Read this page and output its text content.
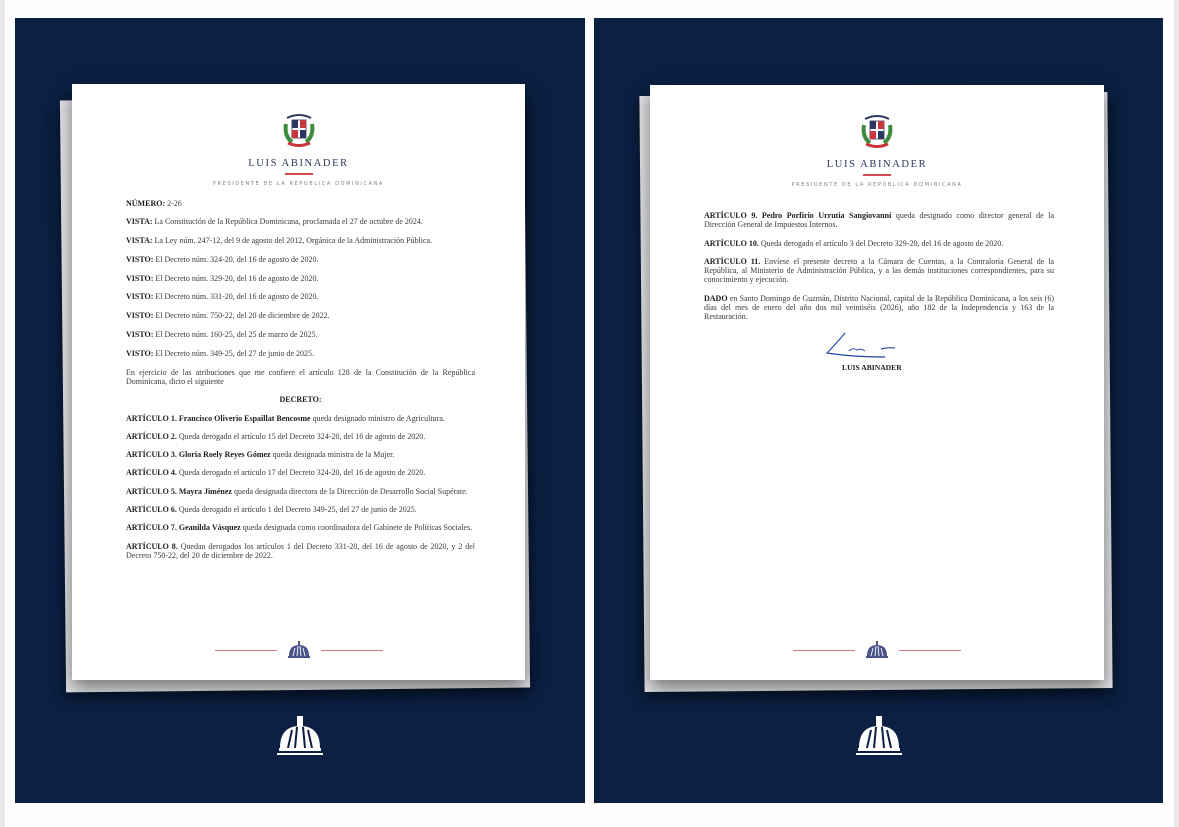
LUIS ABINADER
PRESIDENTE DE LA REPÚBLICA DOMINICANA

NÚMERO: 2-26

VISTA: La Constitución de la República Dominicana, proclamada el 27 de octubre de 2024.

VISTA: La Ley núm. 247-12, del 9 de agosto del 2012, Orgánica de la Administración Pública.

VISTO: El Decreto núm. 324-20, del 16 de agosto de 2020.

VISTO: El Decreto núm. 329-20, del 16 de agosto de 2020.

VISTO: El Decreto núm. 331-20, del 16 de agosto de 2020.

VISTO: El Decreto núm. 750-22, del 20 de diciembre de 2022.

VISTO: El Decreto núm. 160-25, del 25 de marzo de 2025.

VISTO: El Decreto núm. 349-25, del 27 de junio de 2025.

En ejercicio de las atribuciones que me confiere el artículo 128 de la Constitución de la República Dominicana, dicto el siguiente

DECRETO:

ARTÍCULO 1. Francisco Oliverio Espaillat Bencosme queda designado ministro de Agricultura.

ARTÍCULO 2. Queda derogado el artículo 15 del Decreto 324-20, del 16 de agosto de 2020.

ARTÍCULO 3. Gloria Roely Reyes Gómez queda designada ministra de la Mujer.

ARTÍCULO 4. Queda derogado el artículo 17 del Decreto 324-20, del 16 de agosto de 2020.

ARTÍCULO 5. Mayra Jiménez queda designada directora de la Dirección de Desarrollo Social Supérate.

ARTÍCULO 6. Queda derogado el artículo 1 del Decreto 349-25, del 27 de junio de 2025.

ARTÍCULO 7. Geanilda Vásquez queda designada como coordinadora del Gabinete de Políticas Sociales.

ARTÍCULO 8. Quedan derogados los artículos 1 del Decreto 331-20, del 16 de agosto de 2020, y 2 del Decreto 750-22, del 20 de diciembre de 2022.

LUIS ABINADER
PRESIDENTE DE LA REPÚBLICA DOMINICANA

ARTÍCULO 9. Pedro Porfirio Urrutia Sangiovanni queda designado como director general de la Dirección General de Impuestos Internos.

ARTÍCULO 10. Queda derogado el artículo 3 del Decreto 329-20, del 16 de agosto de 2020.

ARTÍCULO 11. Envíese el presente decreto a la Cámara de Cuentas, a la Contraloría General de la República, al Ministerio de Administración Pública, y a las demás instituciones correspondientes, para su conocimiento y ejecución.

DADO en Santo Domingo de Guzmán, Distrito Nacional, capital de la República Dominicana, a los seis (6) días del mes de enero del año dos mil veintiséis (2026), año 182 de la Independencia y 163 de la Restauración.

LUIS ABINADER
